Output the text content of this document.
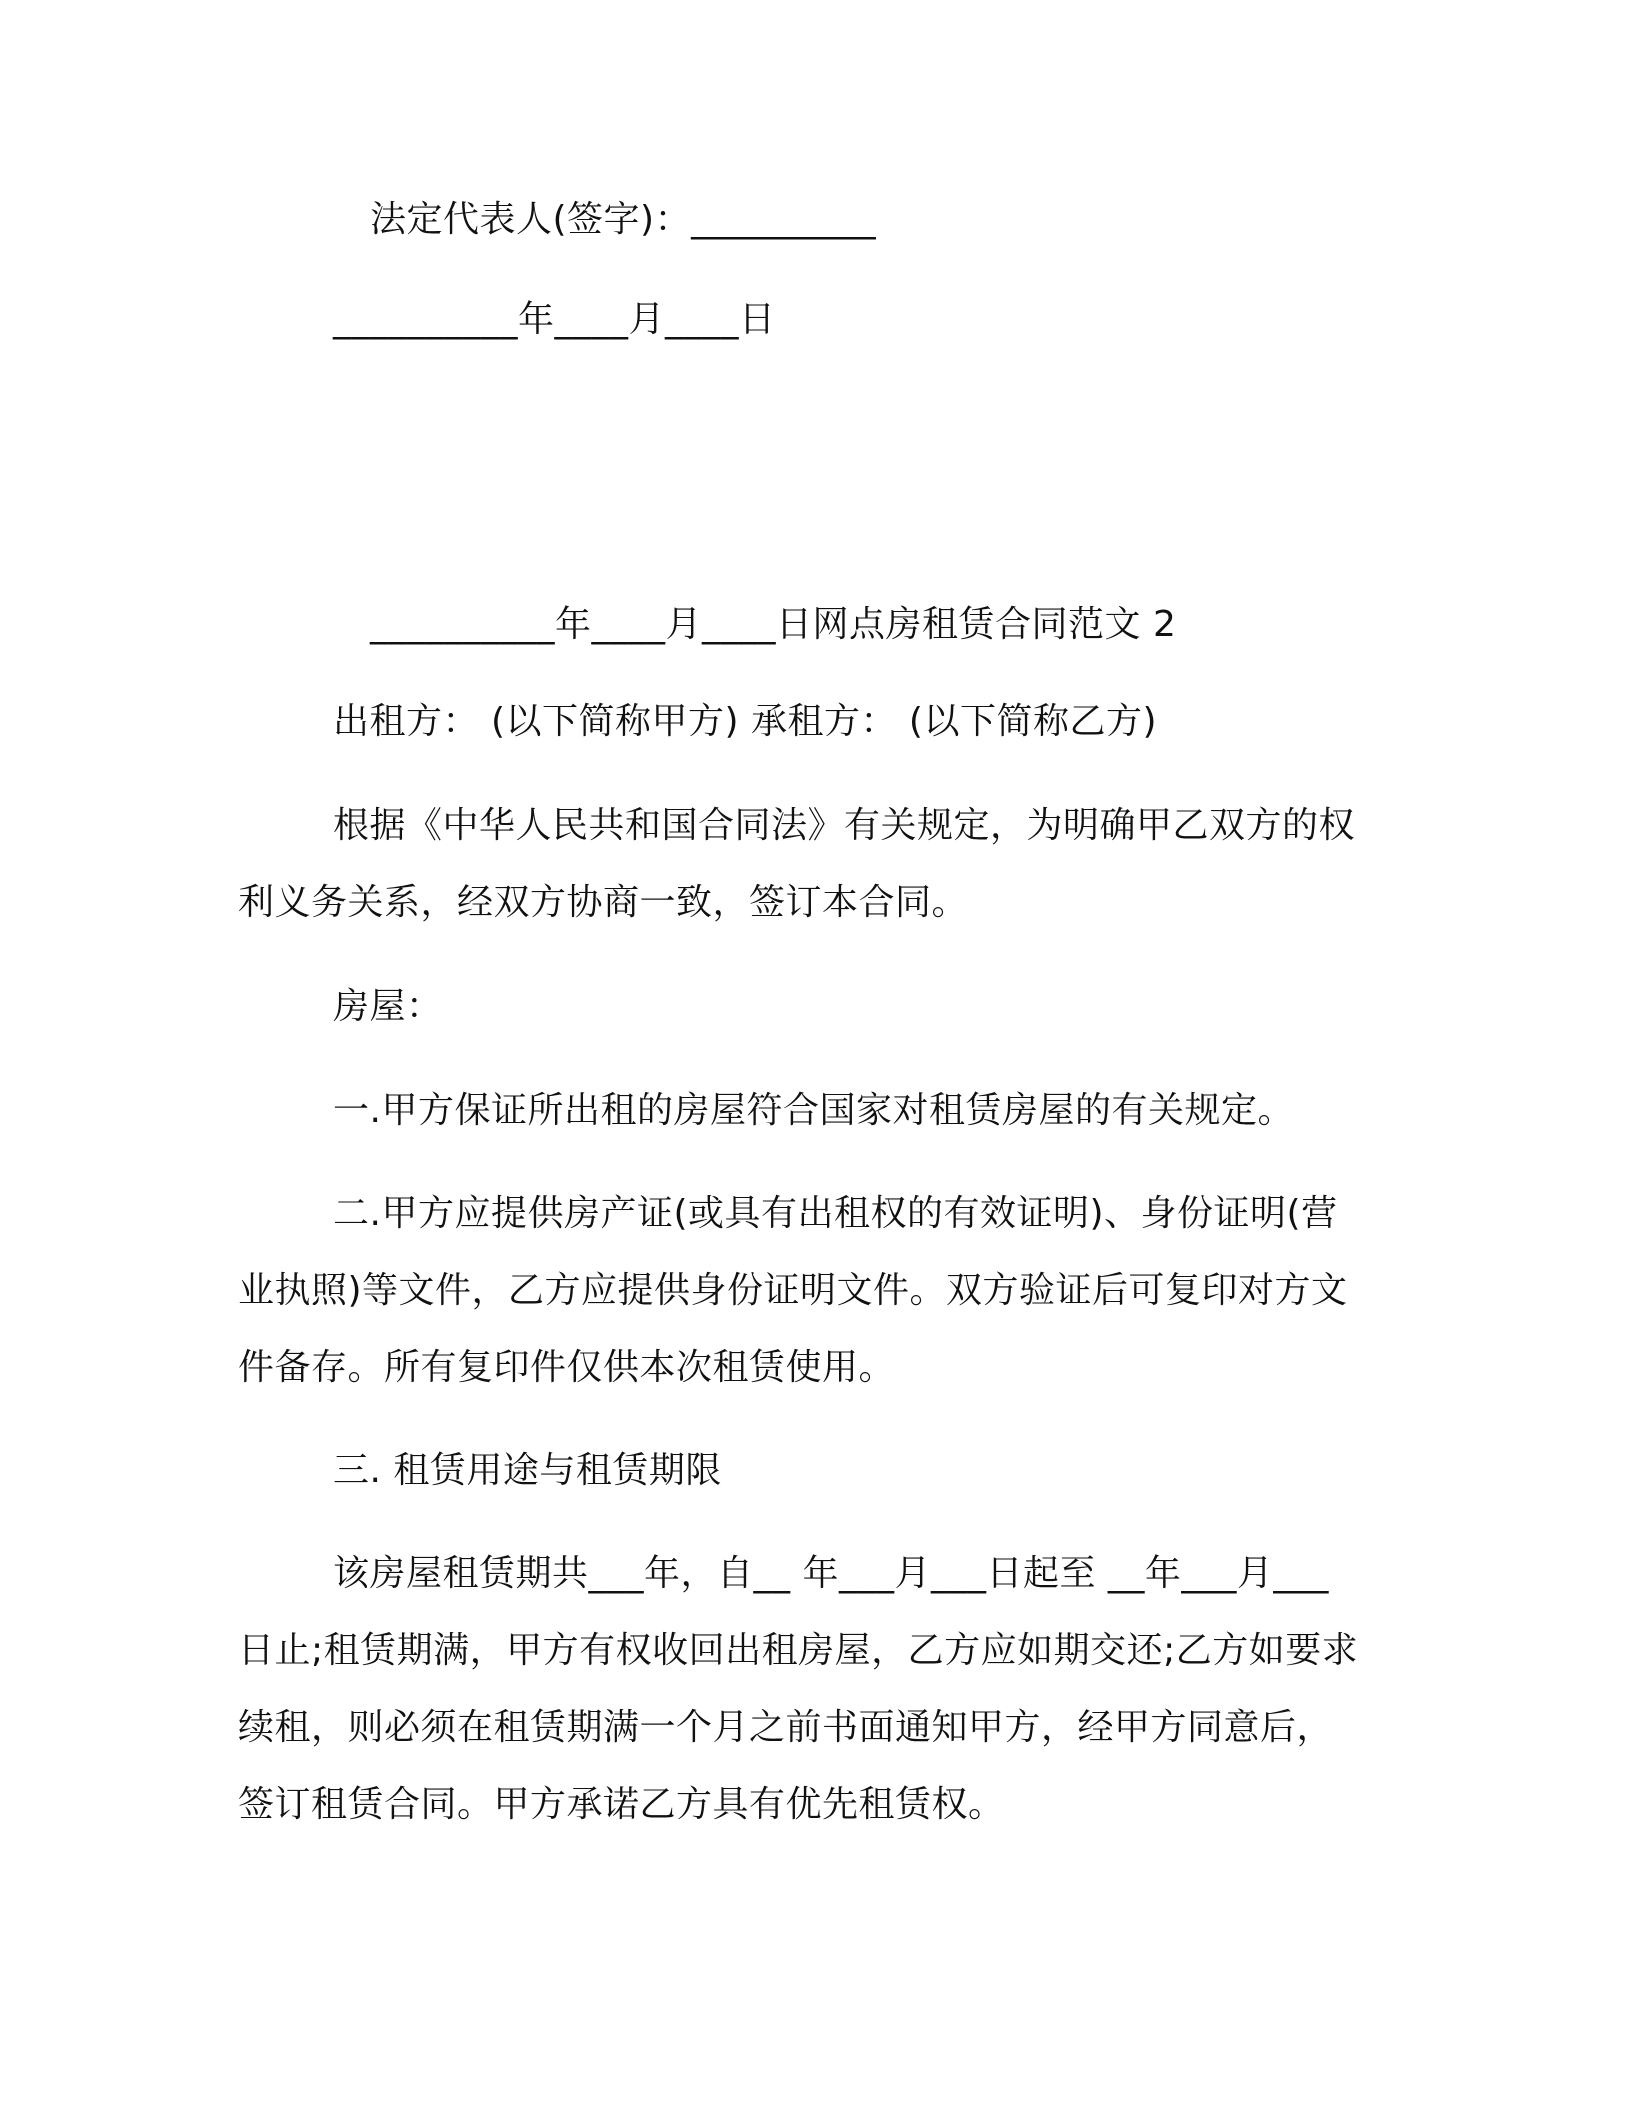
法定代表人(签字)：__________
__________年____月____日
__________年____月____日网点房租赁合同范文 2
出租方： (以下简称甲方) 承租方： (以下简称乙方)
根据《中华人民共和国合同法》有关规定，为明确甲乙双方的权
利义务关系，经双方协商一致，签订本合同。
房屋：
一.甲方保证所出租的房屋符合国家对租赁房屋的有关规定。
二.甲方应提供房产证(或具有出租权的有效证明)、身份证明(营
业执照)等文件，乙方应提供身份证明文件。双方验证后可复印对方文
件备存。所有复印件仅供本次租赁使用。
三. 租赁用途与租赁期限
该房屋租赁期共___年，自__ 年___月___日起至 __年___月___
日止;租赁期满，甲方有权收回出租房屋，乙方应如期交还;乙方如要求
续租，则必须在租赁期满一个月之前书面通知甲方，经甲方同意后，
签订租赁合同。甲方承诺乙方具有优先租赁权。
